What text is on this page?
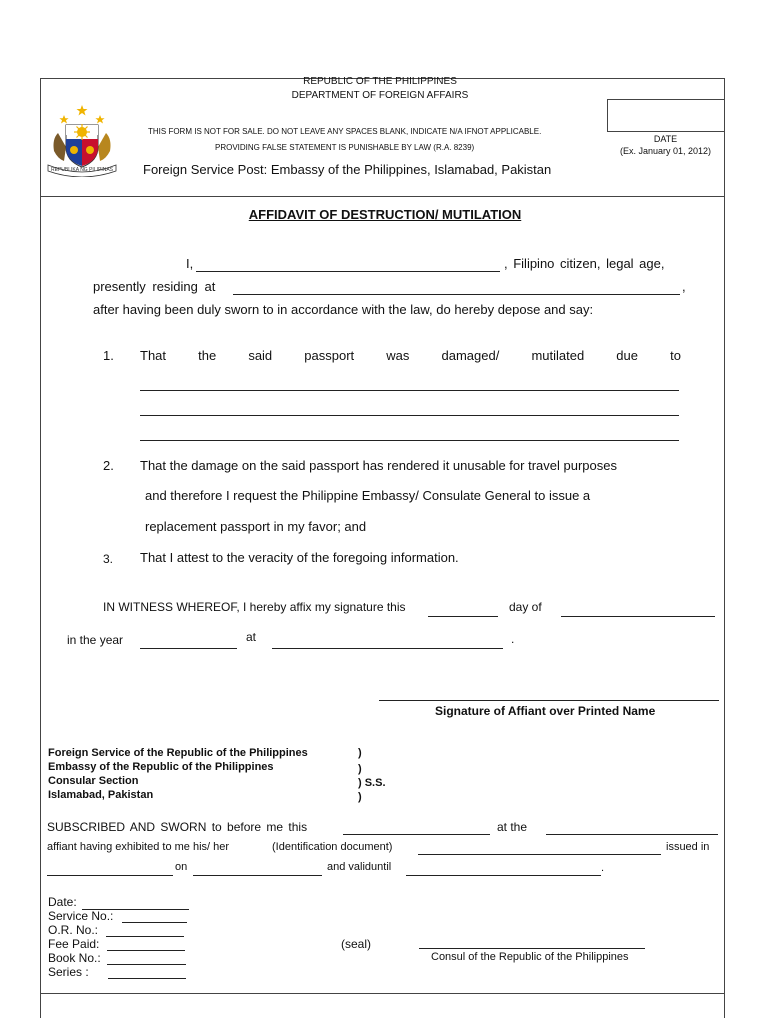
REPUBLIKA NG PILIPINAS
REPUBLIC OF THE PHILIPPINES
DEPARTMENT OF FOREIGN AFFAIRS
THIS FORM IS NOT FOR SALE. DO NOT LEAVE ANY SPACES BLANK, INDICATE N/A IFNOT APPLICABLE.
PROVIDING FALSE STATEMENT IS PUNISHABLE BY LAW (R.A. 8239)
Foreign Service Post: Embassy of the Philippines, Islamabad, Pakistan
DATE
(Ex. January 01, 2012)
AFFIDAVIT OF DESTRUCTION/ MUTILATION
I,	, Filipino citizen, legal age,
presently residing at	,
after having been duly sworn to in accordance with the law, do hereby depose and say:
1. That the said passport was damaged/ mutilated due to
2. That the damage on the said passport has rendered it unusable for travel purposes
and therefore I request the Philippine Embassy/ Consulate General to issue a
replacement passport in my favor; and
3. That I attest to the veracity of the foregoing information.
IN WITNESS WHEREOF, I hereby affix my signature this	day of
in the year	at	.
Signature of Affiant over Printed Name
Foreign Service of the Republic of the Philippines
Embassy of the Republic of the Philippines
Consular Section
Islamabad, Pakistan
)
)
) S.S.
)
SUBSCRIBED AND SWORN to before me this	at the
affiant having exhibited to me his/ her	(Identification document)	issued in
on	and validuntil	.
Date:
Service No.:
O.R. No.:
Fee Paid:
Book No.:
Series :
(seal)
Consul of the Republic of the Philippines
